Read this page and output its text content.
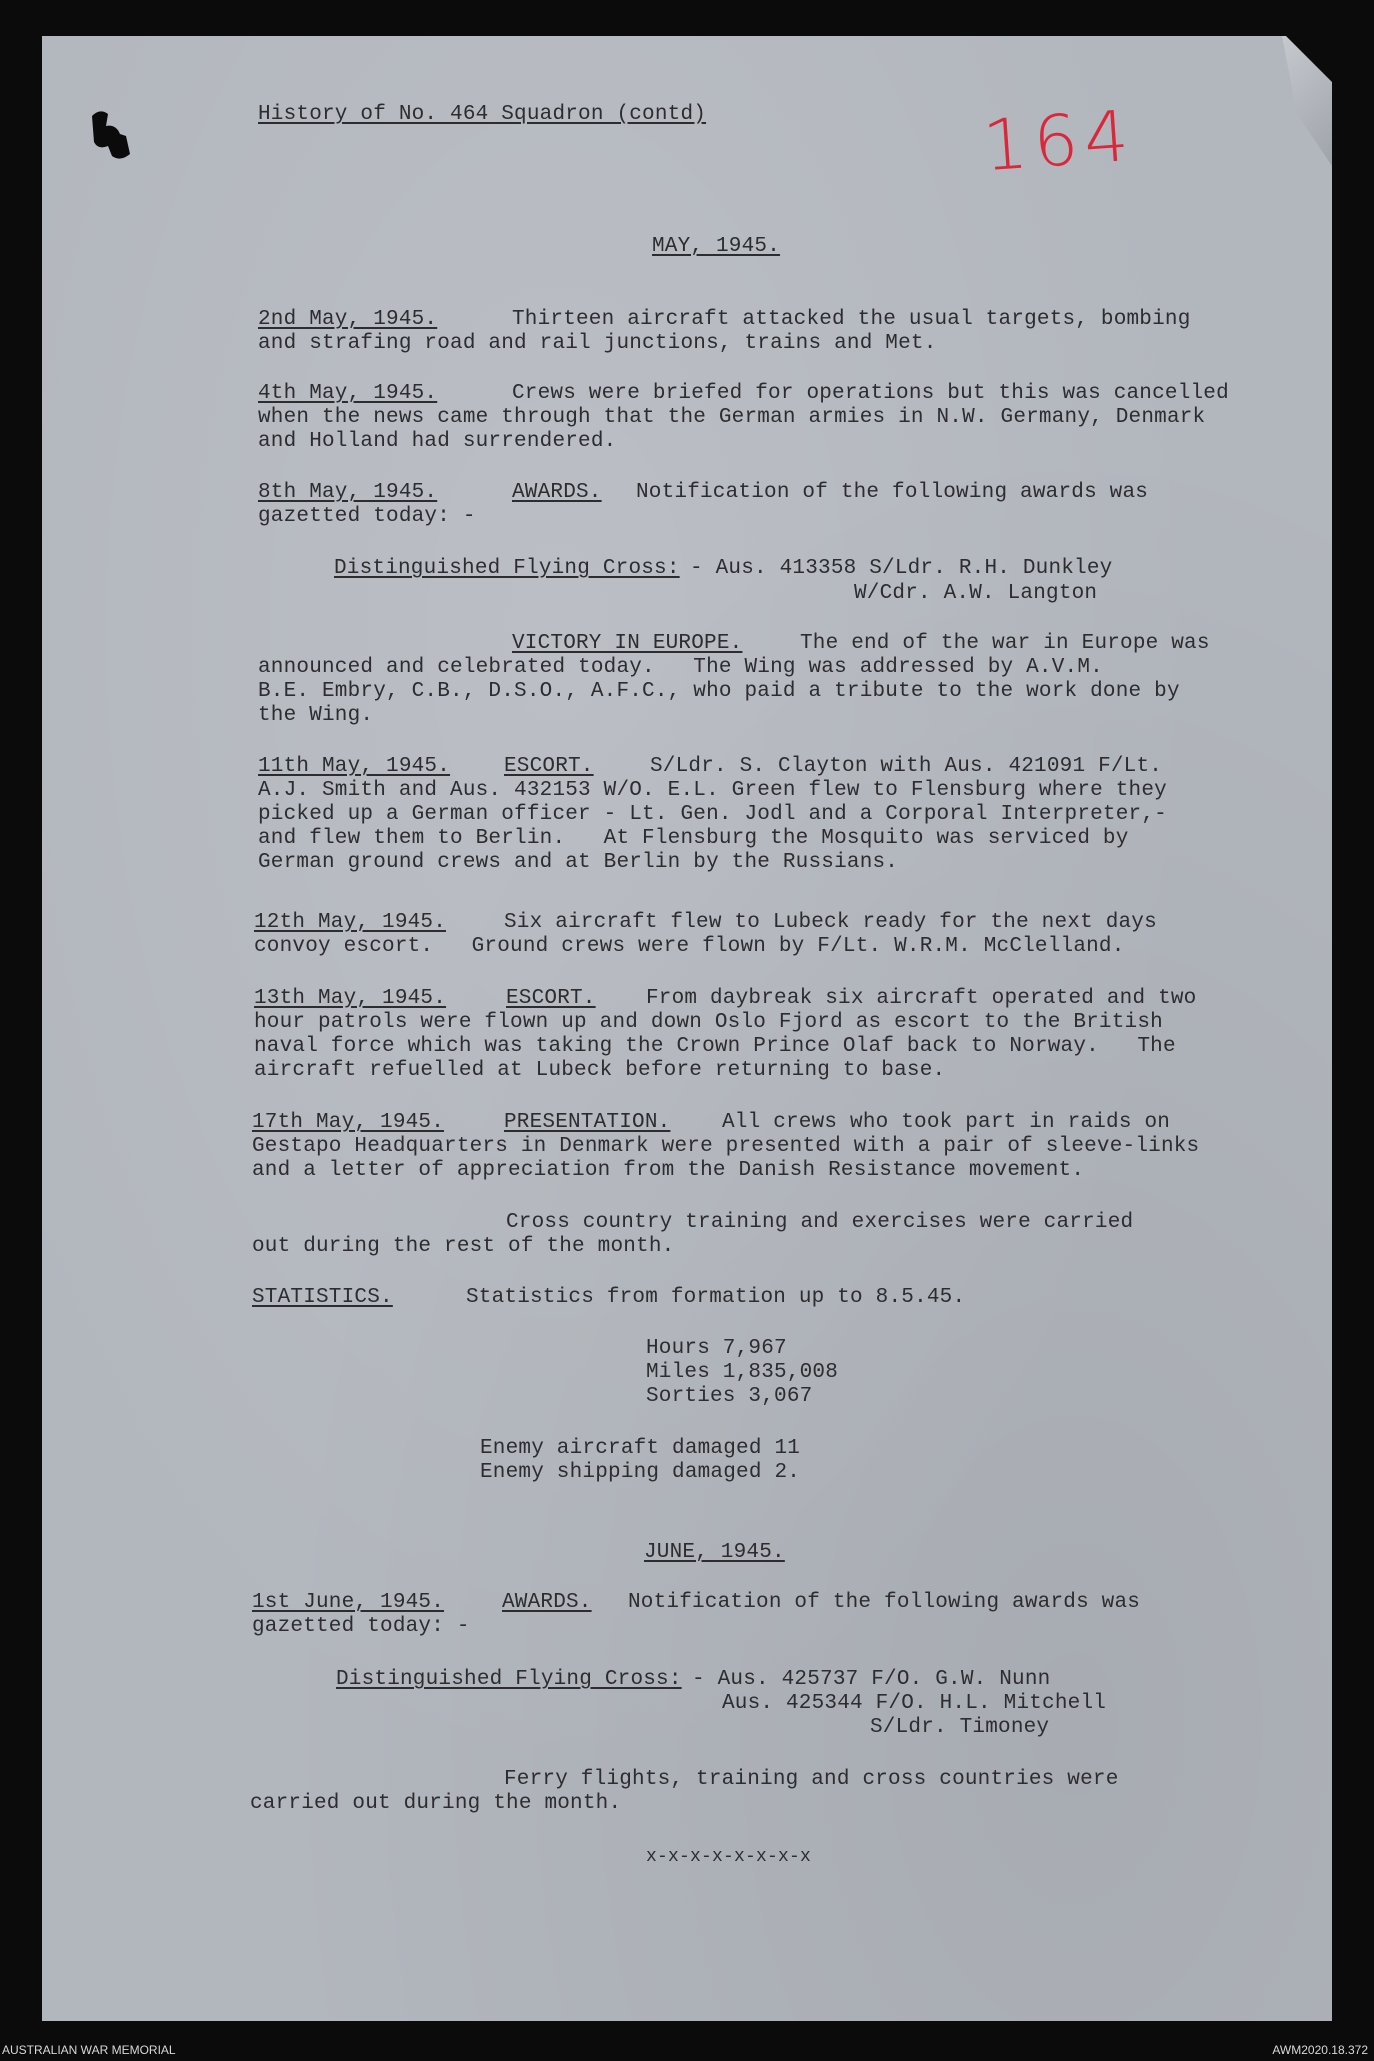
164
History of No. 464 Squadron (contd)
MAY, 1945.
2nd May, 1945.	Thirteen aircraft attacked the usual targets, bombing
and strafing road and rail junctions, trains and Met.
4th May, 1945.	Crews were briefed for operations but this was cancelled
when the news came through that the German armies in N.W. Germany, Denmark
and Holland had surrendered.
8th May, 1945.	AWARDS. Notification of the following awards was
gazetted today: -
Distinguished Flying Cross: - Aus. 413358 S/Ldr. R.H. Dunkley
W/Cdr. A.W. Langton
VICTORY IN EUROPE.	The end of the war in Europe was
announced and celebrated today.   The Wing was addressed by A.V.M.
B.E. Embry, C.B., D.S.O., A.F.C., who paid a tribute to the work done by
the Wing.
11th May, 1945.	ESCORT.	S/Ldr. S. Clayton with Aus. 421091 F/Lt.
A.J. Smith and Aus. 432153 W/O. E.L. Green flew to Flensburg where they
picked up a German officer - Lt. Gen. Jodl and a Corporal Interpreter,-
and flew them to Berlin.   At Flensburg the Mosquito was serviced by
German ground crews and at Berlin by the Russians.
12th May, 1945.	Six aircraft flew to Lubeck ready for the next days
convoy escort.   Ground crews were flown by F/Lt. W.R.M. McClelland.
13th May, 1945.	ESCORT. From daybreak six aircraft operated and two
hour patrols were flown up and down Oslo Fjord as escort to the British
naval force which was taking the Crown Prince Olaf back to Norway.   The
aircraft refuelled at Lubeck before returning to base.
17th May, 1945.	PRESENTATION. All crews who took part in raids on
Gestapo Headquarters in Denmark were presented with a pair of sleeve-links
and a letter of appreciation from the Danish Resistance movement.
Cross country training and exercises were carried
out during the rest of the month.
STATISTICS.	Statistics from formation up to 8.5.45.
Hours 7,967
Miles 1,835,008
Sorties 3,067
Enemy aircraft damaged 11
Enemy shipping damaged 2.
JUNE, 1945.
1st June, 1945.	AWARDS. Notification of the following awards was
gazetted today: -
Distinguished Flying Cross: - Aus. 425737 F/O. G.W. Nunn
Aus. 425344 F/O. H.L. Mitchell
S/Ldr. Timoney
Ferry flights, training and cross countries were
carried out during the month.
x-x-x-x-x-x-x-x
AUSTRALIAN WAR MEMORIAL	AWM2020.18.372
